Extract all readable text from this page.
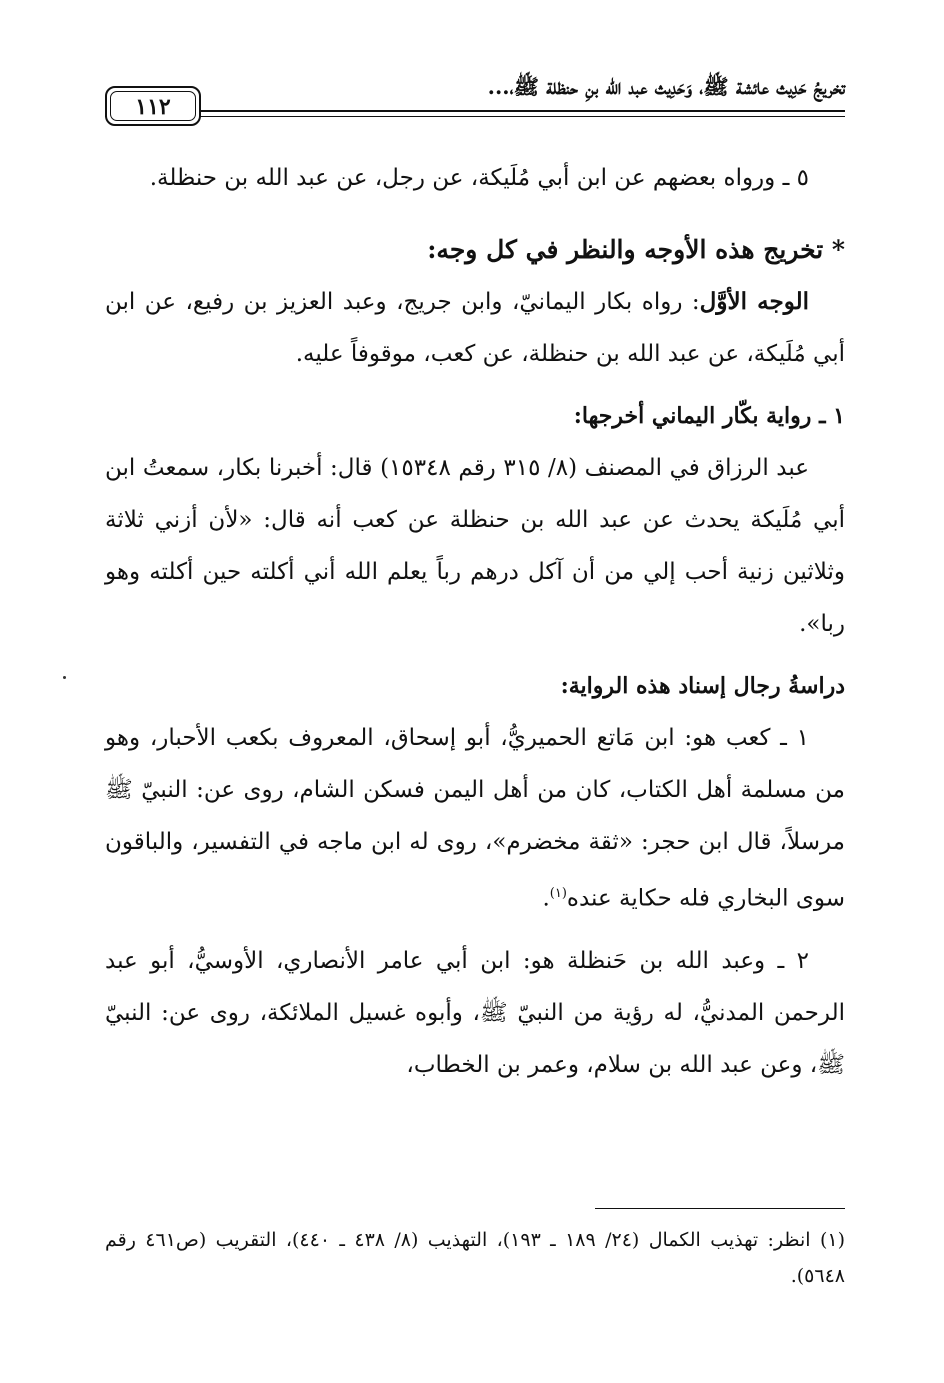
تخريجُ حَدِيث عائشة ﷺ، وَحَدِيث عبد الله بنِ حنظلة ﷺ،...
١١٢

٥ ـ ورواه بعضهم عن ابن أبي مُلَيكة، عن رجل، عن عبد الله بن حنظلة.

* تخريج هذه الأوجه والنظر في كل وجه:

الوجه الأوَّل: رواه بكار اليمانيّ، وابن جريج، وعبد العزيز بن رفيع، عن ابن أبي مُلَيكة، عن عبد الله بن حنظلة، عن كعب، موقوفاً عليه.

١ ـ رواية بكّار اليماني أخرجها:

عبد الرزاق في المصنف (٨/ ٣١٥ رقم ١٥٣٤٨) قال: أخبرنا بكار، سمعتُ ابن أبي مُلَيكة يحدث عن عبد الله بن حنظلة عن كعب أنه قال: «لأن أزني ثلاثة وثلاثين زنية أحب إلي من أن آكل درهم رباً يعلم الله أني أكلته حين أكلته وهو ربا».

دراسةُ رجال إسناد هذه الرواية:

١ ـ كعب هو: ابن مَاتع الحميريُّ، أبو إسحاق، المعروف بكعب الأحبار، وهو من مسلمة أهل الكتاب، كان من أهل اليمن فسكن الشام، روى عن: النبيّ ﷺ مرسلاً، قال ابن حجر: «ثقة مخضرم»، روى له ابن ماجه في التفسير، والباقون سوى البخاري فله حكاية عنده$^{(١)}$.

٢ ـ وعبد الله بن حَنظلة هو: ابن أبي عامر الأنصاري، الأوسيُّ، أبو عبد الرحمن المدنيُّ، له رؤية من النبيّ ﷺ، وأبوه غسيل الملائكة، روى عن: النبيّ ﷺ، وعن عبد الله بن سلام، وعمر بن الخطاب،

(١) انظر: تهذيب الكمال (٢٤/ ١٨٩ ـ ١٩٣)، التهذيب (٨/ ٤٣٨ ـ ٤٤٠)، التقريب (ص٤٦١ رقم ٥٦٤٨).
